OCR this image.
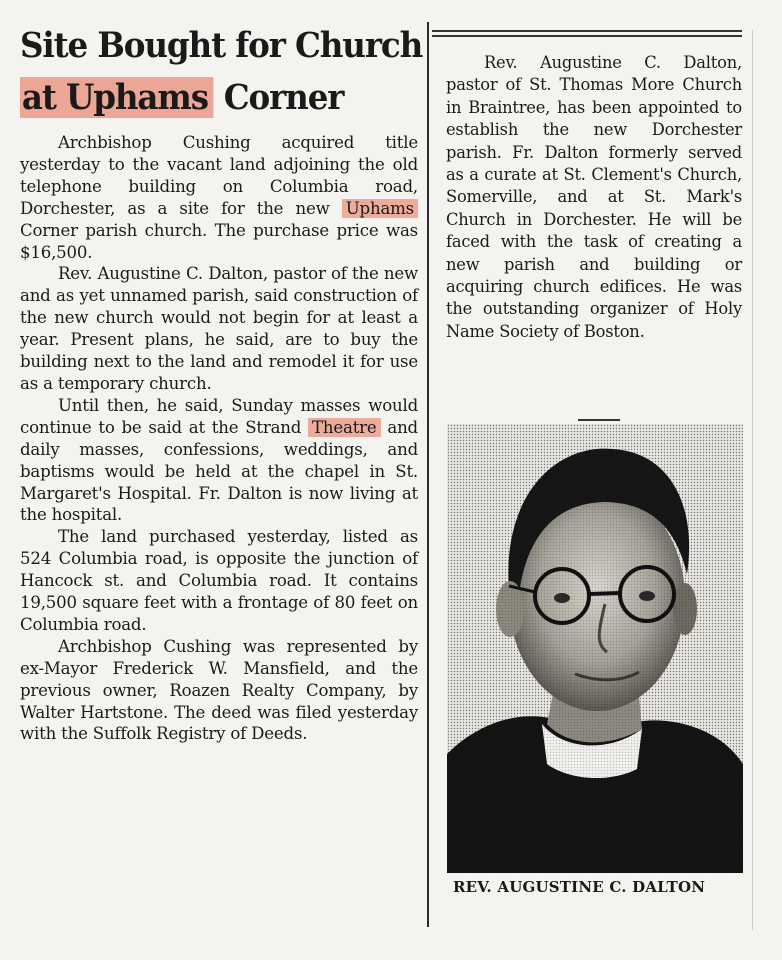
Site Bought for Church
at Uphams Corner

Archbishop Cushing acquired title yesterday to the vacant land adjoining the old telephone building on Columbia road, Dorchester, as a site for the new Uphams Corner parish church. The purchase price was $16,500.

Rev. Augustine C. Dalton, pastor of the new and as yet unnamed parish, said construction of the new church would not begin for at least a year. Present plans, he said, are to buy the building next to the land and remodel it for use as a temporary church.

Until then, he said, Sunday masses would continue to be said at the Strand Theatre and daily masses, confessions, weddings, and baptisms would be held at the chapel in St. Margaret's Hospital. Fr. Dalton is now living at the hospital.

The land purchased yesterday, listed as 524 Columbia road, is opposite the junction of Hancock st. and Columbia road. It contains 19,500 square feet with a frontage of 80 feet on Columbia road.

Archbishop Cushing was represented by ex-Mayor Frederick W. Mansfield, and the previous owner, Roazen Realty Company, by Walter Hartstone. The deed was filed yesterday with the Suffolk Registry of Deeds.

Rev. Augustine C. Dalton, pastor of St. Thomas More Church in Braintree, has been appointed to establish the new Dorchester parish. Fr. Dalton formerly served as a curate at St. Clement's Church, Somerville, and at St. Mark's Church in Dorchester. He will be faced with the task of creating a new parish and building or acquiring church edifices. He was the outstanding organizer of Holy Name Society of Boston.

REV. AUGUSTINE C. DALTON
